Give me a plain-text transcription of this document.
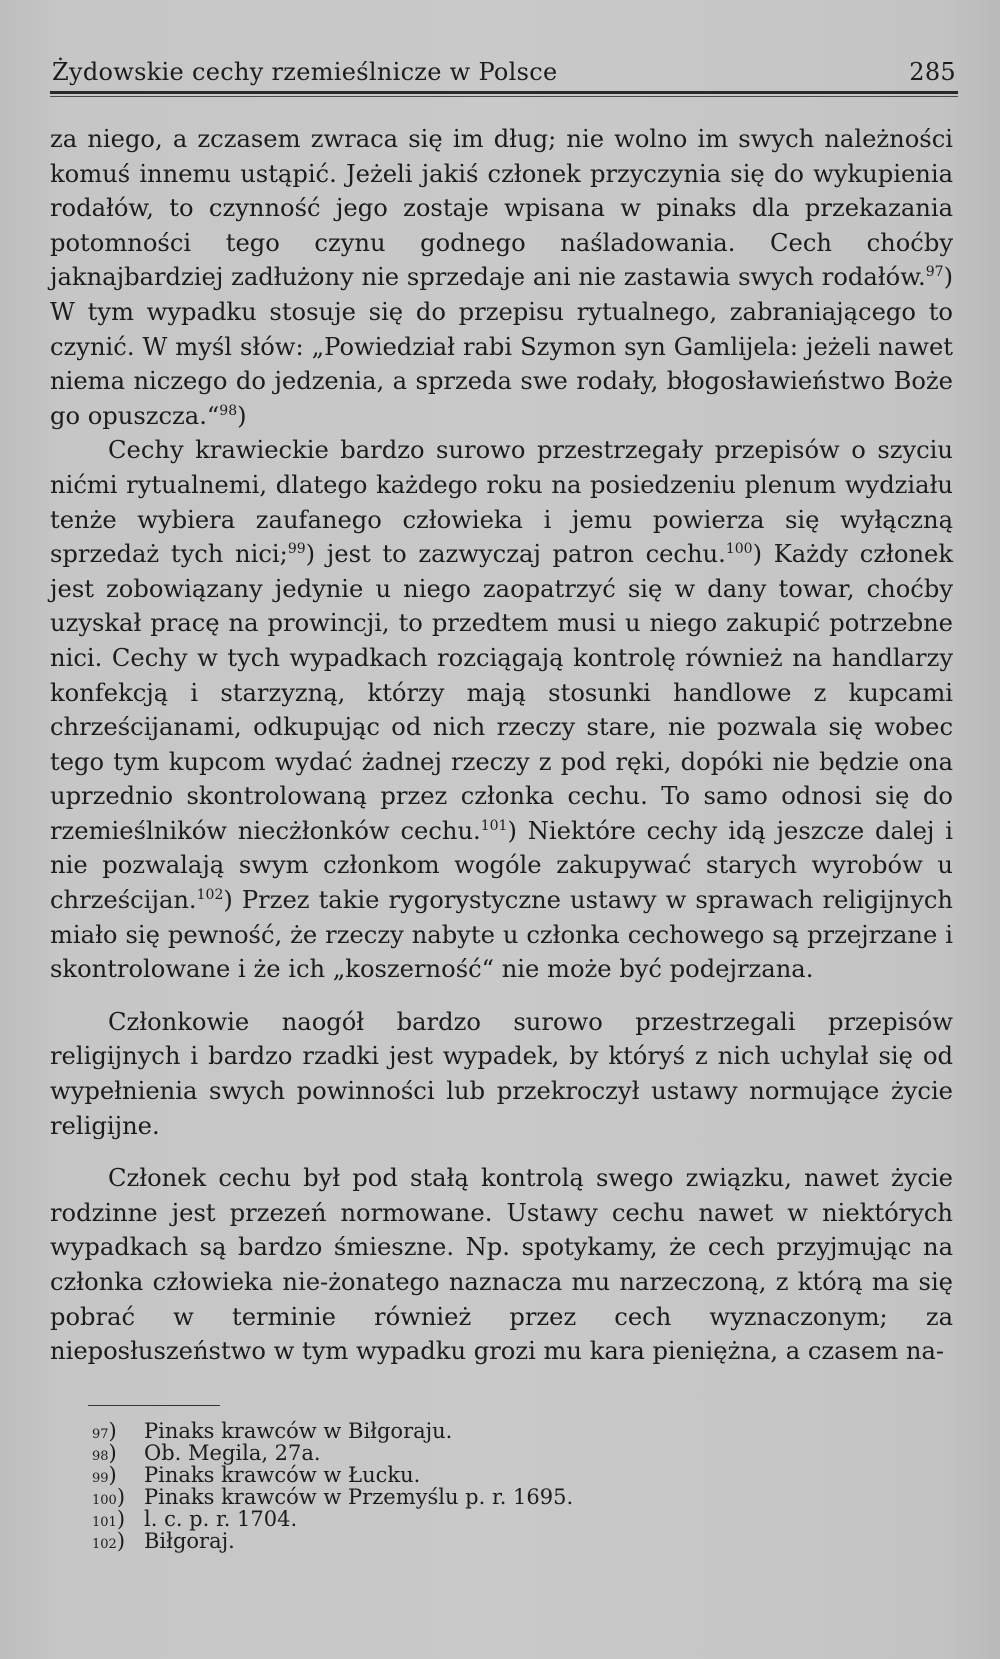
Żydowskie cechy rzemieślnicze w Polsce	285

za niego, a zczasem zwraca się im dług; nie wolno im swych należności komuś innemu ustąpić. Jeżeli jakiś członek przyczynia się do wykupienia rodałów, to czynność jego zostaje wpisana w pinaks dla przekazania potomności tego czynu godnego naśladowania. Cech choćby jaknajbardziej zadłużony nie sprzedaje ani nie zastawia swych rodałów.$^{97}$) W tym wypadku stosuje się do przepisu rytualnego, zabraniającego to czynić. W myśl słów: „Powiedział rabi Szymon syn Gamlijela: jeżeli nawet niema niczego do jedzenia, a sprzeda swe rodały, błogosławieństwo Boże go opuszcza.“$^{98}$)

Cechy krawieckie bardzo surowo przestrzegały przepisów o szyciu nićmi rytualnemi, dlatego każdego roku na posiedzeniu plenum wydziału tenże wybiera zaufanego człowieka i jemu powierza się wyłączną sprzedaż tych nici;$^{99}$) jest to zazwyczaj patron cechu.$^{100}$) Każdy członek jest zobowiązany jedynie u niego zaopatrzyć się w dany towar, choćby uzyskał pracę na prowincji, to przedtem musi u niego zakupić potrzebne nici. Cechy w tych wypadkach rozciągają kontrolę również na handlarzy konfekcją i starzyzną, którzy mają stosunki handlowe z kupcami chrześcijanami, odkupując od nich rzeczy stare, nie pozwala się wobec tego tym kupcom wydać żadnej rzeczy z pod ręki, dopóki nie będzie ona uprzednio skontrolowaną przez członka cechu. To samo odnosi się do rzemieślników niecżłonków cechu.$^{101}$) Niektóre cechy idą jeszcze dalej i nie pozwalają swym członkom wogóle zakupywać starych wyrobów u chrześcijan.$^{102}$) Przez takie rygorystyczne ustawy w sprawach religijnych miało się pewność, że rzeczy nabyte u członka cechowego są przejrzane i skontrolowane i że ich „koszerność“ nie może być podejrzana.

Członkowie naogół bardzo surowo przestrzegali przepisów religijnych i bardzo rzadki jest wypadek, by któryś z nich uchylał się od wypełnienia swych powinności lub przekroczył ustawy normujące życie religijne.

Członek cechu był pod stałą kontrolą swego związku, nawet życie rodzinne jest przezeń normowane. Ustawy cechu nawet w niektórych wypadkach są bardzo śmieszne. Np. spotykamy, że cech przyjmując na członka człowieka nie-żonatego naznacza mu narzeczoną, z którą ma się pobrać w terminie również przez cech wyznaczonym; za nieposłuszeństwo w tym wypadku grozi mu kara pieniężna, a czasem na-

97)	Pinaks krawców w Biłgoraju.
98)	Ob. Megila, 27a.
99)	Pinaks krawców w Łucku.
100) Pinaks krawców w Przemyślu p. r. 1695.
101) l. c. p. r. 1704.
102) Biłgoraj.
